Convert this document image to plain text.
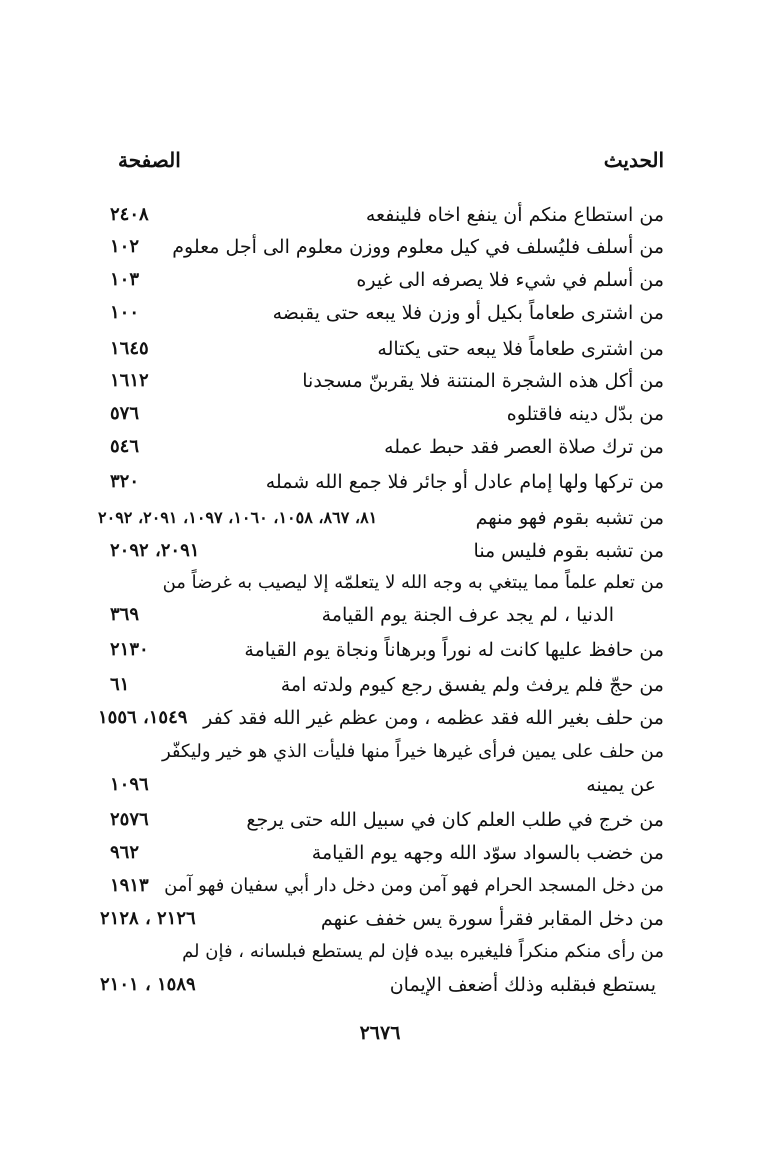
الحديث
الصفحة
من استطاع منكم أن ينفع اخاه فلينفعه
٢٤٠٨
من أسلف فليُسلف في كيل معلوم ووزن معلوم الى أجل معلوم
١٠٢
من أسلم في شيء فلا يصرفه الى غيره
١٠٣
من اشترى طعاماً بكيل أو وزن فلا يبعه حتى يقبضه
١٠٠
من اشترى طعاماً فلا يبعه حتى يكتاله
١٦٤٥
من أكل هذه الشجرة المنتنة فلا يقربنّ مسجدنا
١٦١٢
من بدّل دينه فاقتلوه
٥٧٦
من ترك صلاة العصر فقد حبط عمله
٥٤٦
من تركها ولها إمام عادل أو جائر فلا جمع الله شمله
٣٢٠
من تشبه بقوم فهو منهم
٨١، ٨٦٧، ١٠٥٨، ١٠٦٠، ١٠٩٧، ٢٠٩١، ٢٠٩٢
من تشبه بقوم فليس منا
٢٠٩١، ٢٠٩٢
من تعلم علماً مما يبتغي به وجه الله لا يتعلمّه إلا ليصيب به غرضاً من
الدنيا ، لم يجد عرف الجنة يوم القيامة
٣٦٩
من حافظ عليها كانت له نوراً وبرهاناً ونجاة يوم القيامة
٢١٣٠
من حجّ فلم يرفث ولم يفسق رجع كيوم ولدته امة
٦١
من حلف بغير الله فقد عظمه ، ومن عظم غير الله فقد كفر
١٥٤٩، ١٥٥٦
من حلف على يمين فرأى غيرها خيراً منها فليأت الذي هو خير وليكفّر
عن يمينه
١٠٩٦
من خرج في طلب العلم كان في سبيل الله حتى يرجع
٢٥٧٦
من خضب بالسواد سوّد الله وجهه يوم القيامة
٩٦٢
من دخل المسجد الحرام فهو آمن ومن دخل دار أبي سفيان فهو آمن
١٩١٣
من دخل المقابر فقرأ سورة يس خفف عنهم
٢١٢٦ ، ٢١٢٨
من رأى منكم منكراً فليغيره بيده فإن لم يستطع فبلسانه ، فإن لم
يستطع فبقلبه وذلك أضعف الإيمان
١٥٨٩ ، ٢١٠١
٢٦٧٦
